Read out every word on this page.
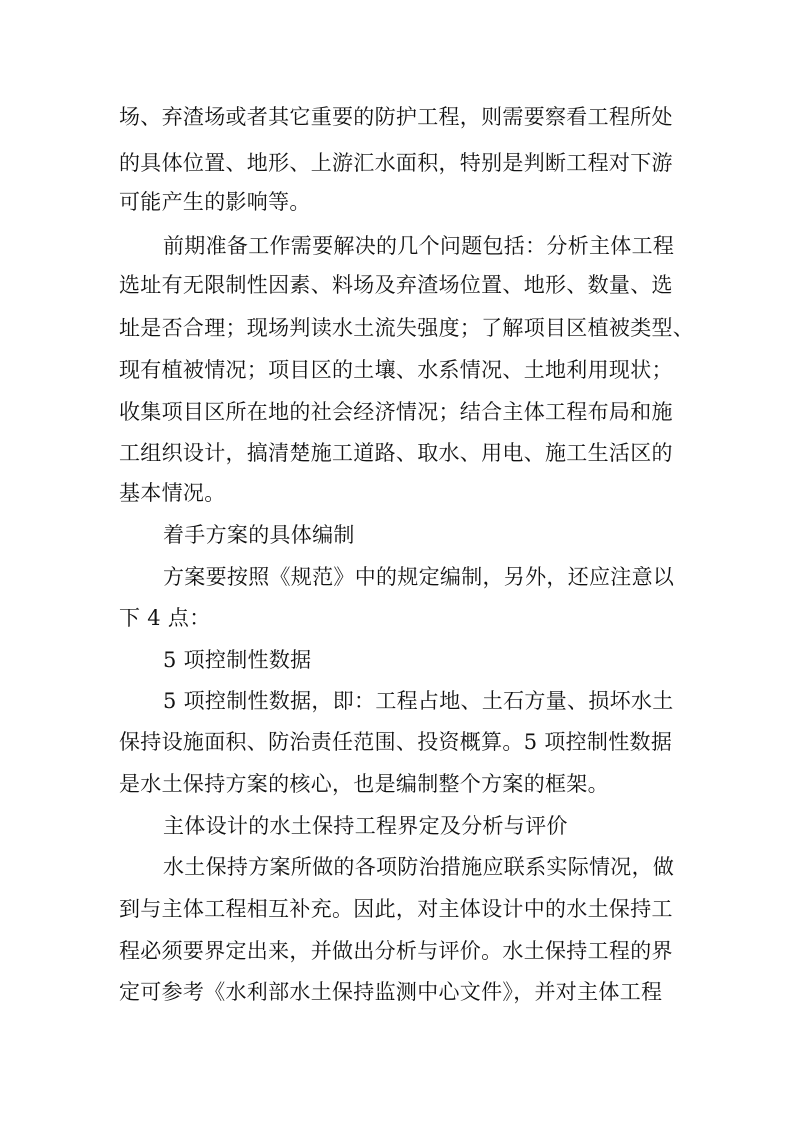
场、弃渣场或者其它重要的防护工程，则需要察看工程所处
的具体位置、地形、上游汇水面积，特别是判断工程对下游
可能产生的影响等。
前期准备工作需要解决的几个问题包括：分析主体工程
选址有无限制性因素、料场及弃渣场位置、地形、数量、选
址是否合理；现场判读水土流失强度；了解项目区植被类型、
现有植被情况；项目区的土壤、水系情况、土地利用现状；
收集项目区所在地的社会经济情况；结合主体工程布局和施
工组织设计，搞清楚施工道路、取水、用电、施工生活区的
基本情况。
着手方案的具体编制
方案要按照《规范》中的规定编制，另外，还应注意以
下 4 点：
5 项控制性数据
5 项控制性数据，即：工程占地、土石方量、损坏水土
保持设施面积、防治责任范围、投资概算。5 项控制性数据
是水土保持方案的核心，也是编制整个方案的框架。
主体设计的水土保持工程界定及分析与评价
水土保持方案所做的各项防治措施应联系实际情况，做
到与主体工程相互补充。因此，对主体设计中的水土保持工
程必须要界定出来，并做出分析与评价。水土保持工程的界
定可参考《水利部水土保持监测中心文件》，并对主体工程
